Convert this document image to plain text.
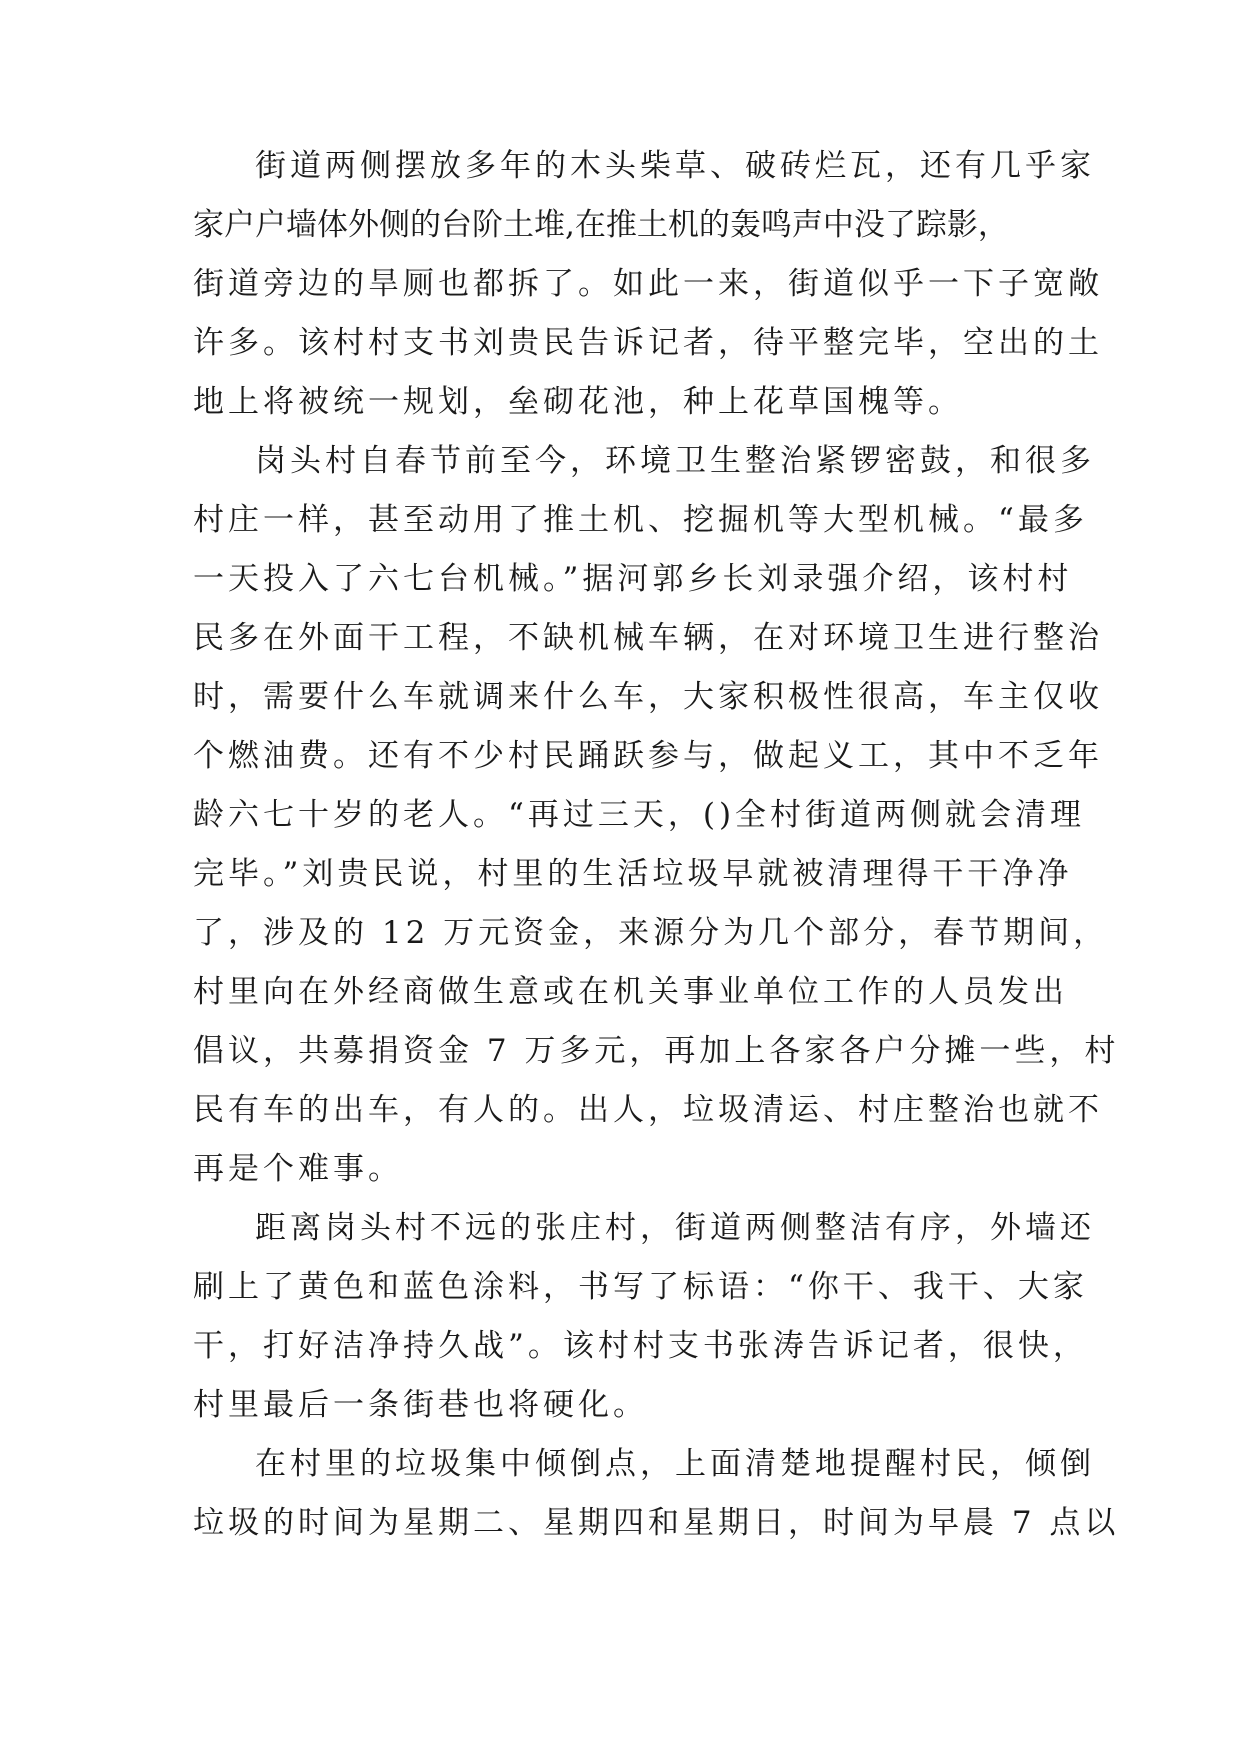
街道两侧摆放多年的木头柴草、破砖烂瓦，还有几乎家
家户户墙体外侧的台阶土堆,在推土机的轰鸣声中没了踪影，
街道旁边的旱厕也都拆了。如此一来，街道似乎一下子宽敞
许多。该村村支书刘贵民告诉记者，待平整完毕，空出的土
地上将被统一规划，垒砌花池，种上花草国槐等。
岗头村自春节前至今，环境卫生整治紧锣密鼓，和很多
村庄一样，甚至动用了推土机、挖掘机等大型机械。“最多
一天投入了六七台机械。”据河郭乡长刘录强介绍，该村村
民多在外面干工程，不缺机械车辆，在对环境卫生进行整治
时，需要什么车就调来什么车，大家积极性很高，车主仅收
个燃油费。还有不少村民踊跃参与，做起义工，其中不乏年
龄六七十岁的老人。“再过三天，()全村街道两侧就会清理
完毕。”刘贵民说，村里的生活垃圾早就被清理得干干净净
了，涉及的 12 万元资金，来源分为几个部分，春节期间，
村里向在外经商做生意或在机关事业单位工作的人员发出
倡议，共募捐资金 7 万多元，再加上各家各户分摊一些，村
民有车的出车，有人的。出人，垃圾清运、村庄整治也就不
再是个难事。
距离岗头村不远的张庄村，街道两侧整洁有序，外墙还
刷上了黄色和蓝色涂料，书写了标语：“你干、我干、大家
干，打好洁净持久战”。该村村支书张涛告诉记者，很快，
村里最后一条街巷也将硬化。
在村里的垃圾集中倾倒点，上面清楚地提醒村民，倾倒
垃圾的时间为星期二、星期四和星期日，时间为早晨 7 点以
